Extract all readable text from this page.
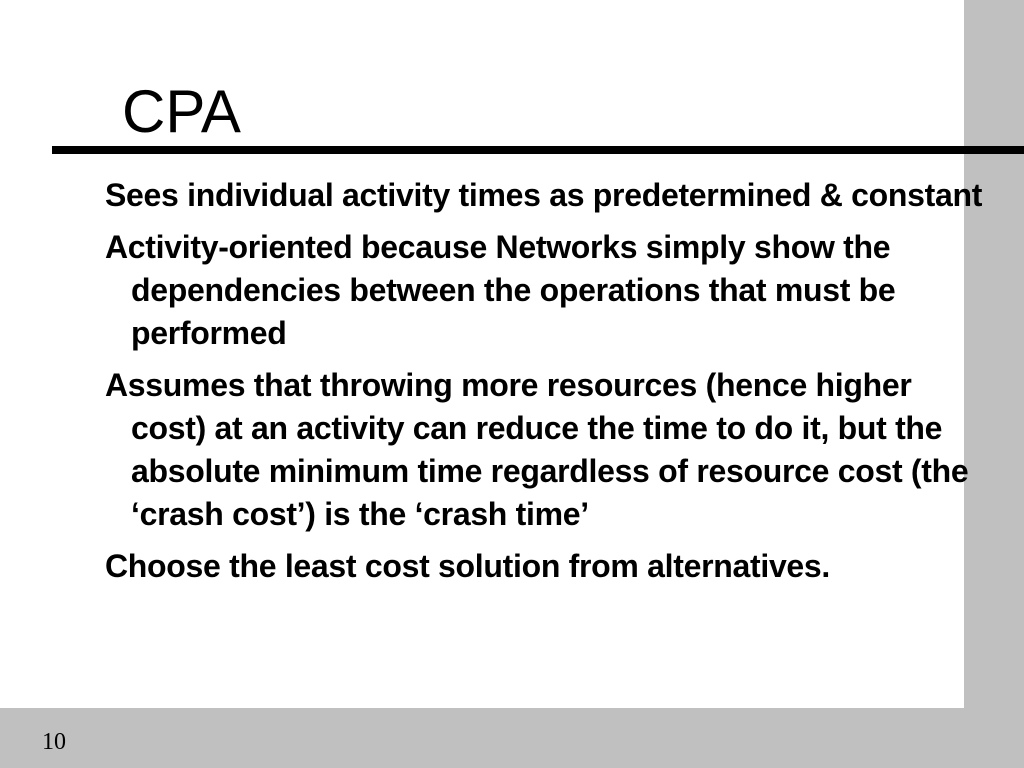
CPA
Sees individual activity times as predetermined & constant
Activity-oriented because Networks simply show the dependencies between the operations that must be performed
Assumes that throwing more resources (hence higher cost) at an activity can reduce the time to do it, but the absolute minimum time regardless of resource cost (the ‘crash cost’) is the ‘crash time’
Choose the least cost solution from alternatives.
10
